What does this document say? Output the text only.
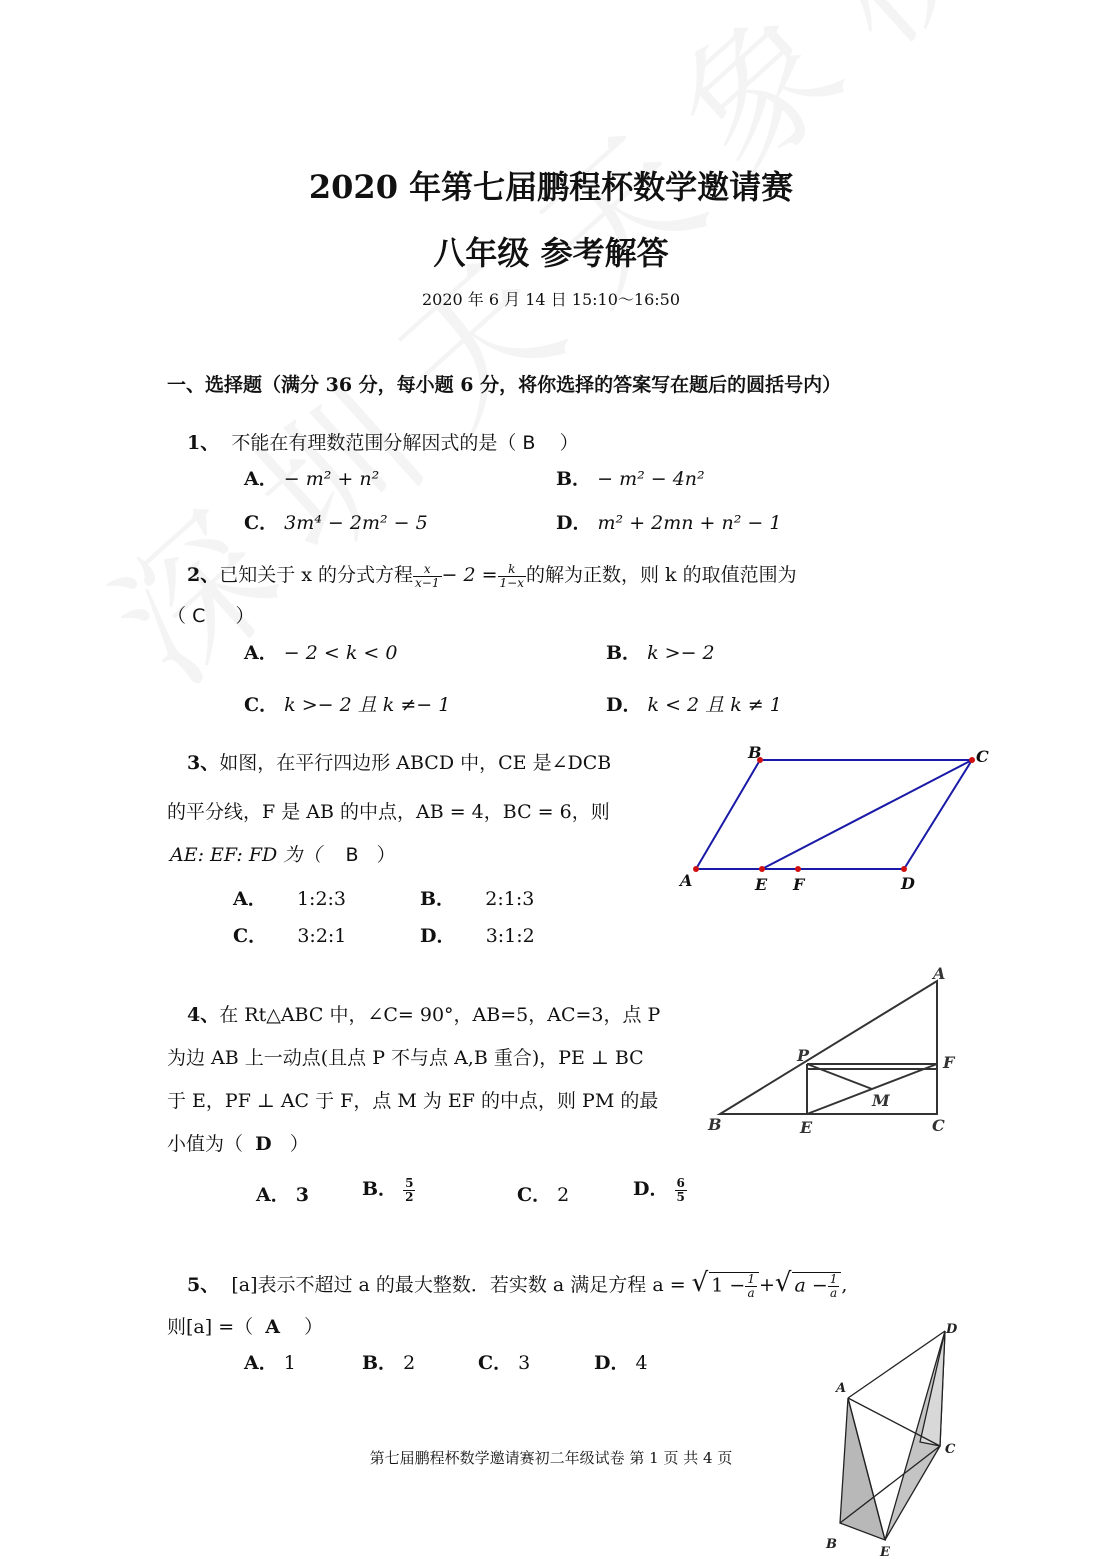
2020 年第七届鹏程杯数学邀请赛
八年级 参考解答
2020 年 6 月 14 日 15:10～16:50
一、选择题（满分 36 分，每小题 6 分，将你选择的答案写在题后的圆括号内）
1、 不能在有理数范围分解因式的是（ B ）
A． − m² + n²	B． − m² − 4n²
C． 3m⁴ − 2m² − 5	D． m² + 2mn + n² − 1
2、已知关于 x 的分式方程 $\frac{x}{x-1} - 2 = \frac{k}{1-x}$ 的解为正数，则 k 的取值范围为
（ C ）
A． − 2 < k < 0	B． k >− 2
C． k >− 2 且 k ≠− 1	D． k < 2 且 k ≠ 1
3、如图，在平行四边形 ABCD 中，CE 是∠DCB
的平分线，F 是 AB 的中点，AB = 4，BC = 6，则
AE: EF: FD 为（ B ）
A． 1:2:3	B． 2:1:3
C． 3:2:1	D． 3:1:2
A
B	C
D
E F
4、在 Rt△ABC 中，∠C= 90°，AB=5，AC=3，点 P
为边 AB 上一动点(且点 P 不与点 A,B 重合)，PE ⊥ BC
于 E，PF ⊥ AC 于 F，点 M 为 EF 的中点，则 PM 的最
小值为（ D ）
A． 3	B． $\frac{5}{2}$	C． 2	D． $\frac{6}{5}$
A
B	C
E
F
P
M
5、 [a]表示不超过 a 的最大整数．若实数 a 满足方程 a = √ $1 - \frac{1}{a}$ +√ $a - \frac{1}{a}$ ,
则[a] =（ A ）
A． 1	B． 2	C． 3	D． 4
D
A
C
B
E
第七届鹏程杯数学邀请赛初二年级试卷 第 1 页 共 4 页
